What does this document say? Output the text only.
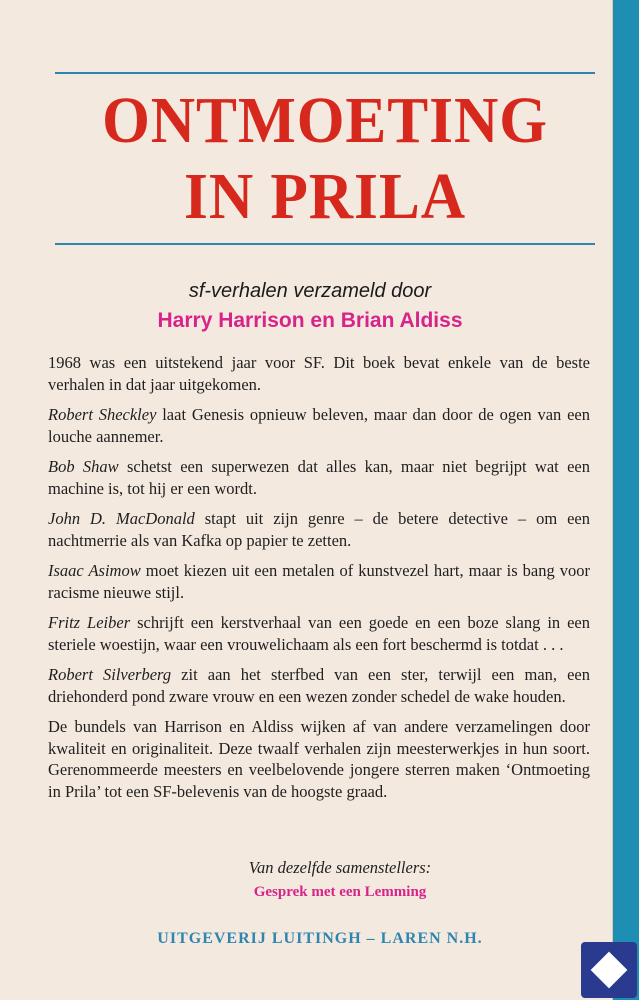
ONTMOETING
IN PRILA

sf-verhalen verzameld door

Harry Harrison en Brian Aldiss

1968 was een uitstekend jaar voor SF. Dit boek bevat enkele van de beste verhalen in dat jaar uitgekomen.

Robert Sheckley laat Genesis opnieuw beleven, maar dan door de ogen van een louche aannemer.

Bob Shaw schetst een superwezen dat alles kan, maar niet begrijpt wat een machine is, tot hij er een wordt.

John D. MacDonald stapt uit zijn genre – de betere detective – om een nachtmerrie als van Kafka op papier te zetten.

Isaac Asimow moet kiezen uit een metalen of kunstvezel hart, maar is bang voor racisme nieuwe stijl.

Fritz Leiber schrijft een kerstverhaal van een goede en een boze slang in een steriele woestijn, waar een vrouwelichaam als een fort beschermd is totdat . . .

Robert Silverberg zit aan het sterfbed van een ster, terwijl een man, een driehonderd pond zware vrouw en een wezen zonder schedel de wake houden.

De bundels van Harrison en Aldiss wijken af van andere verzamelingen door kwaliteit en originaliteit. Deze twaalf verhalen zijn meesterwerkjes in hun soort. Gerenommeerde meesters en veelbelovende jongere sterren maken ‘Ontmoeting in Prila’ tot een SF-belevenis van de hoogste graad.

Van dezelfde samenstellers:

Gesprek met een Lemming

UITGEVERIJ LUITINGH – LAREN N.H.
